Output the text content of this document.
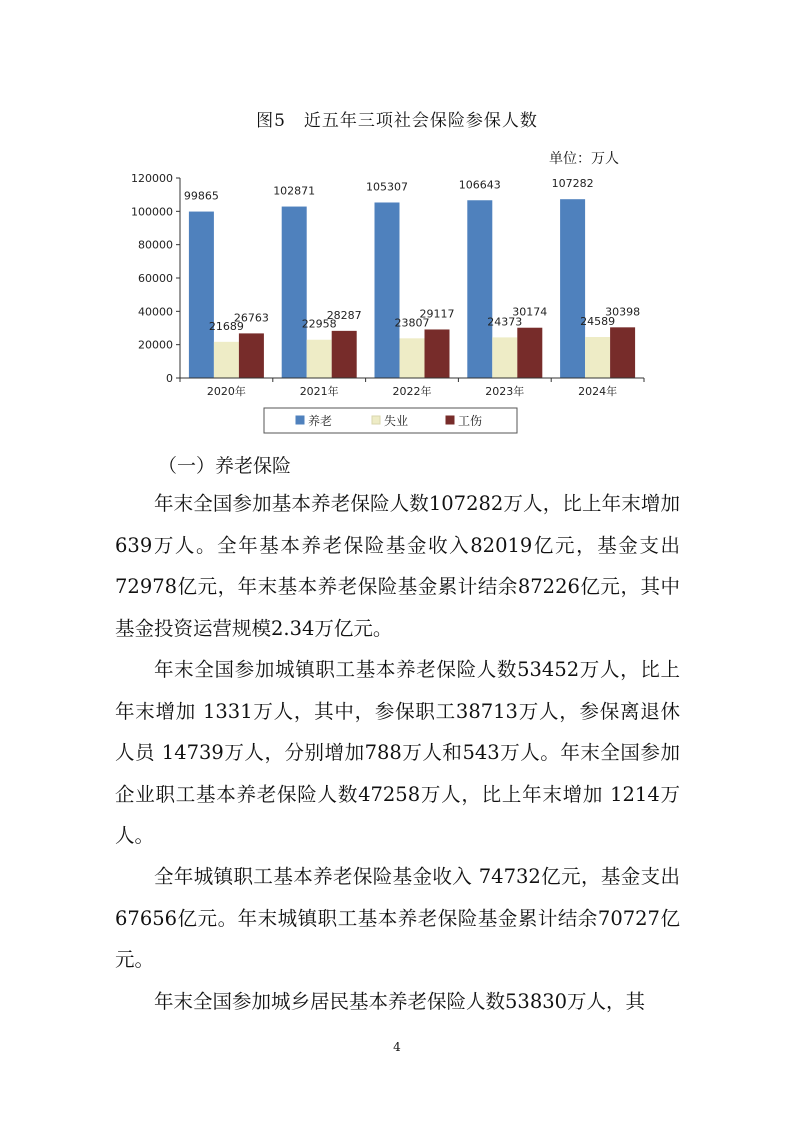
图5　近五年三项社会保险参保人数
单位：万人
0
20000
40000
60000
80000
100000
120000
99865
21689
26763
102871
22958
28287
105307
23807
29117
106643
24373
30174
107282
24589
30398
2020年	2021年	2022年	2023年	2024年
养老	失业	工伤
（一）养老保险

年末全国参加基本养老保险人数107282万人，比上年末增加639万人。全年基本养老保险基金收入82019亿元，基金支出72978亿元，年末基本养老保险基金累计结余87226亿元，其中基金投资运营规模2.34万亿元。

年末全国参加城镇职工基本养老保险人数53452万人，比上年末增加 1331万人，其中，参保职工38713万人，参保离退休人员 14739万人，分别增加788万人和543万人。年末全国参加企业职工基本养老保险人数47258万人，比上年末增加 1214万人。

全年城镇职工基本养老保险基金收入 74732亿元，基金支出 67656亿元。年末城镇职工基本养老保险基金累计结余70727亿元。

年末全国参加城乡居民基本养老保险人数53830万人，其

4
